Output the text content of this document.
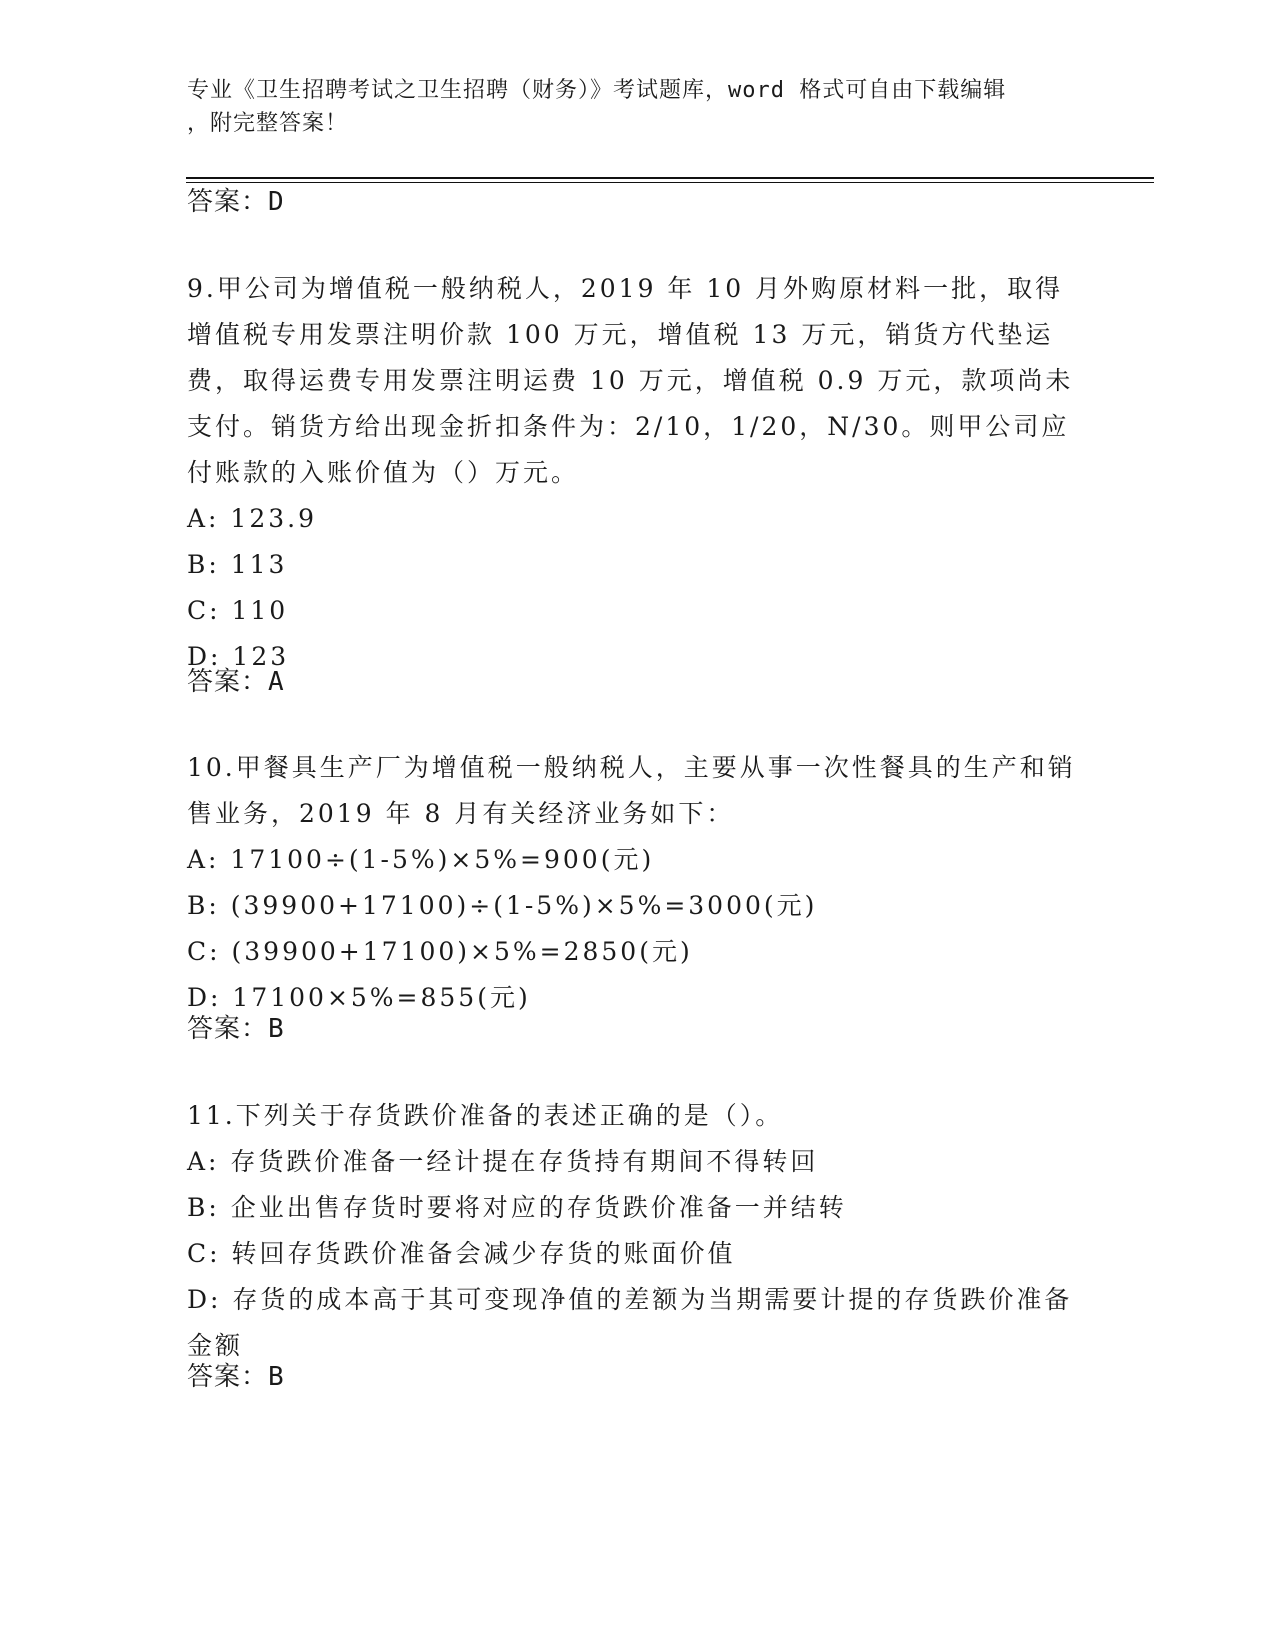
专业《卫生招聘考试之卫生招聘（财务）》考试题库，word 格式可自由下载编辑
，附完整答案！
答案：D
9.甲公司为增值税一般纳税人，2019 年 10 月外购原材料一批，取得增值税专用发票注明价款 100 万元，增值税 13 万元，销货方代垫运费，取得运费专用发票注明运费 10 万元，增值税 0.9 万元，款项尚未支付。销货方给出现金折扣条件为：2/10，1/20，N/30。则甲公司应付账款的入账价值为（）万元。
A: 123.9
B: 113
C: 110
D: 123
答案：A
10.甲餐具生产厂为增值税一般纳税人，主要从事一次性餐具的生产和销售业务，2019 年 8 月有关经济业务如下：
A: 17100÷(1-5%)×5%=900(元)
B: (39900+17100)÷(1-5%)×5%=3000(元)
C: (39900+17100)×5%=2850(元)
D: 17100×5%=855(元)
答案：B
11.下列关于存货跌价准备的表述正确的是（）。
A: 存货跌价准备一经计提在存货持有期间不得转回
B: 企业出售存货时要将对应的存货跌价准备一并结转
C: 转回存货跌价准备会减少存货的账面价值
D: 存货的成本高于其可变现净值的差额为当期需要计提的存货跌价准备金额
答案：B
